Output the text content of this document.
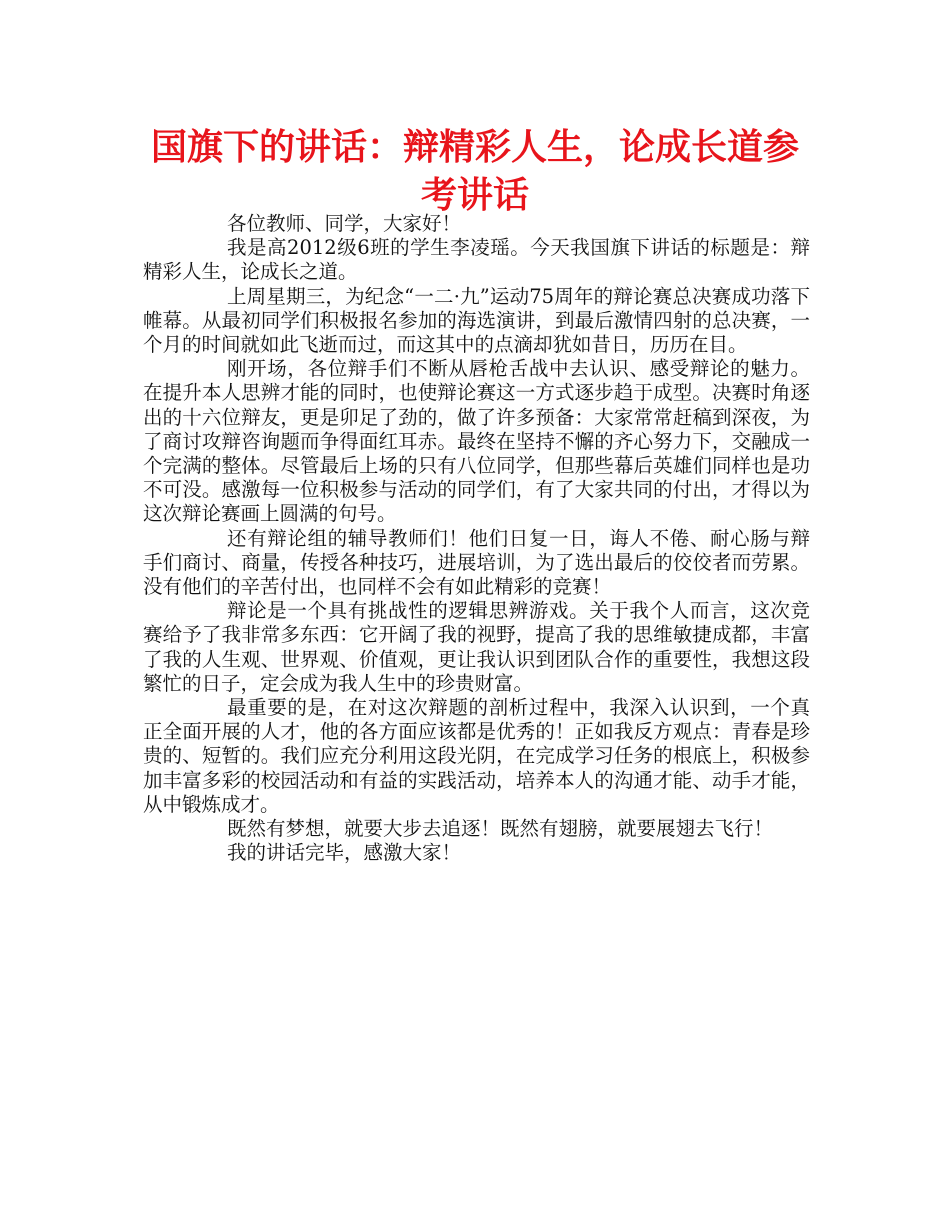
国旗下的讲话：辩精彩人生，论成长道参考讲话

各位教师、同学，大家好！

我是高2012级6班的学生李凌瑶。今天我国旗下讲话的标题是：辩精彩人生，论成长之道。

上周星期三，为纪念“一二·九”运动75周年的辩论赛总决赛成功落下帷幕。从最初同学们积极报名参加的海选演讲，到最后激情四射的总决赛，一个月的时间就如此飞逝而过，而这其中的点滴却犹如昔日，历历在目。

刚开场，各位辩手们不断从唇枪舌战中去认识、感受辩论的魅力。在提升本人思辨才能的同时，也使辩论赛这一方式逐步趋于成型。决赛时角逐出的十六位辩友，更是卯足了劲的，做了许多预备：大家常常赶稿到深夜，为了商讨攻辩咨询题而争得面红耳赤。最终在坚持不懈的齐心努力下，交融成一个完满的整体。尽管最后上场的只有八位同学，但那些幕后英雄们同样也是功不可没。感激每一位积极参与活动的同学们，有了大家共同的付出，才得以为这次辩论赛画上圆满的句号。

还有辩论组的辅导教师们！他们日复一日，诲人不倦、耐心肠与辩手们商讨、商量，传授各种技巧，进展培训，为了选出最后的佼佼者而劳累。没有他们的辛苦付出，也同样不会有如此精彩的竞赛！

辩论是一个具有挑战性的逻辑思辨游戏。关于我个人而言，这次竞赛给予了我非常多东西：它开阔了我的视野，提高了我的思维敏捷成都，丰富了我的人生观、世界观、价值观，更让我认识到团队合作的重要性，我想这段繁忙的日子，定会成为我人生中的珍贵财富。

最重要的是，在对这次辩题的剖析过程中，我深入认识到，一个真正全面开展的人才，他的各方面应该都是优秀的！正如我反方观点：青春是珍贵的、短暂的。我们应充分利用这段光阴，在完成学习任务的根底上，积极参加丰富多彩的校园活动和有益的实践活动，培养本人的沟通才能、动手才能，从中锻炼成才。

既然有梦想，就要大步去追逐！既然有翅膀，就要展翅去飞行！

我的讲话完毕，感激大家！
